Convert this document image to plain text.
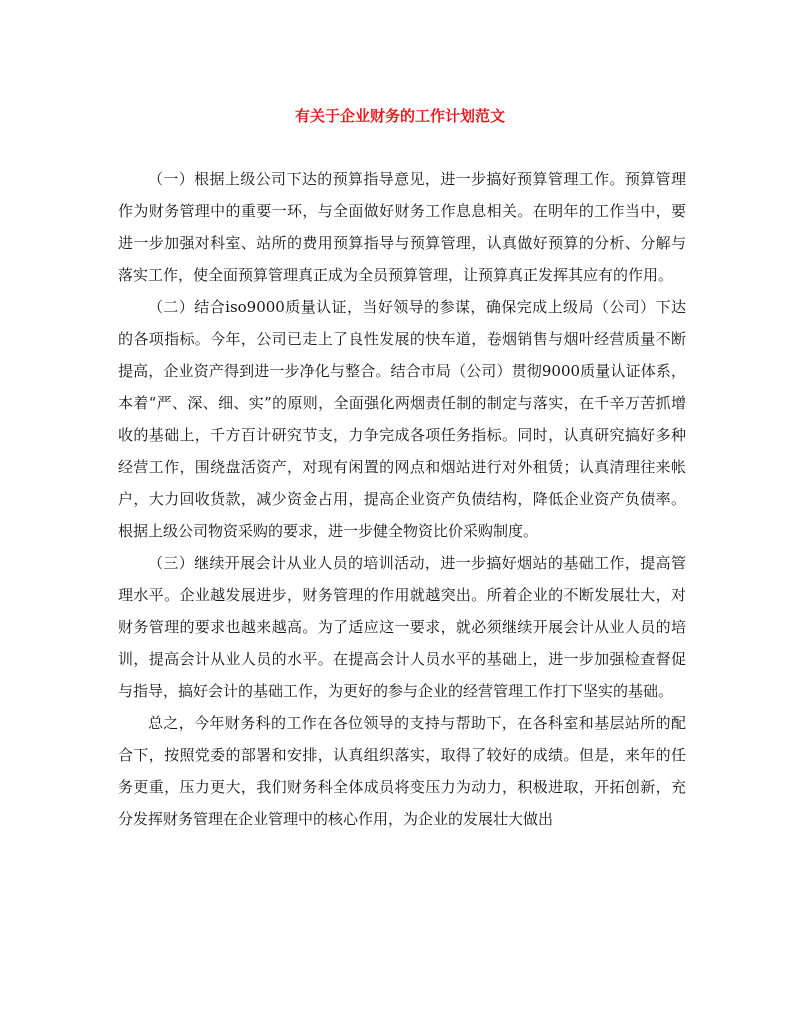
有关于企业财务的工作计划范文

（一）根据上级公司下达的预算指导意见，进一步搞好预算管理工作。预算管理作为财务管理中的重要一环，与全面做好财务工作息息相关。在明年的工作当中，要进一步加强对科室、站所的费用预算指导与预算管理，认真做好预算的分析、分解与落实工作，使全面预算管理真正成为全员预算管理，让预算真正发挥其应有的作用。

（二）结合iso9000质量认证，当好领导的参谋，确保完成上级局（公司）下达的各项指标。今年，公司已走上了良性发展的快车道，卷烟销售与烟叶经营质量不断提高，企业资产得到进一步净化与整合。结合市局（公司）贯彻9000质量认证体系，本着“严、深、细、实”的原则，全面强化两烟责任制的制定与落实，在千辛万苦抓增收的基础上，千方百计研究节支，力争完成各项任务指标。同时，认真研究搞好多种经营工作，围绕盘活资产，对现有闲置的网点和烟站进行对外租赁；认真清理往来帐户，大力回收货款，减少资金占用，提高企业资产负债结构，降低企业资产负债率。根据上级公司物资采购的要求，进一步健全物资比价采购制度。

（三）继续开展会计从业人员的培训活动，进一步搞好烟站的基础工作，提高管理水平。企业越发展进步，财务管理的作用就越突出。所着企业的不断发展壮大，对财务管理的要求也越来越高。为了适应这一要求，就必须继续开展会计从业人员的培训，提高会计从业人员的水平。在提高会计人员水平的基础上，进一步加强检查督促与指导，搞好会计的基础工作，为更好的参与企业的经营管理工作打下坚实的基础。

总之，今年财务科的工作在各位领导的支持与帮助下，在各科室和基层站所的配合下，按照党委的部署和安排，认真组织落实，取得了较好的成绩。但是，来年的任务更重，压力更大，我们财务科全体成员将变压力为动力，积极进取，开拓创新，充分发挥财务管理在企业管理中的核心作用，为企业的发展壮大做出
